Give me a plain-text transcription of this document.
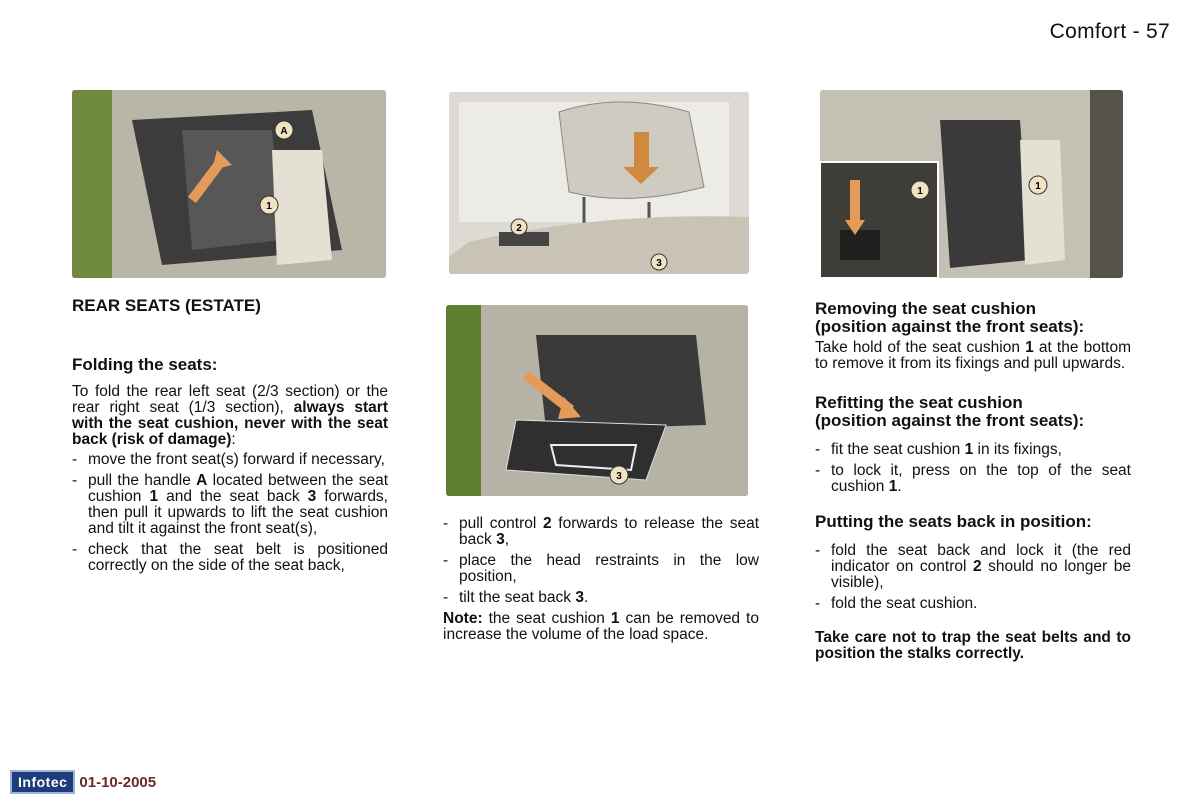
Comfort - 57
A
1
2
3
1	1
3
REAR SEATS (ESTATE)
Folding the seats:

To fold the rear left seat (2/3 section) or the rear right seat (1/3 section), always start with the seat cushion, never with the seat back (risk of damage):

- move the front seat(s) forward if necessary,
- pull the handle A located between the seat cushion 1 and the seat back 3 forwards, then pull it upwards to lift the seat cushion and tilt it against the front seat(s),
- check that the seat belt is positioned correctly on the side of the seat back,
- pull control 2 forwards to release the seat back 3,
- place the head restraints in the low position,
- tilt the seat back 3.

Note: the seat cushion 1 can be removed to increase the volume of the load space.

Removing the seat cushion (position against the front seats):

Take hold of the seat cushion 1 at the bottom to remove it from its fixings and pull upwards.

Refitting the seat cushion (position against the front seats):
- fit the seat cushion 1 in its fixings,
- to lock it, press on the top of the seat cushion 1.
Putting the seats back in position:
- fold the seat back and lock it (the red indicator on control 2 should no longer be visible),
- fold the seat cushion.

Take care not to trap the seat belts and to position the stalks correctly.

Infotec 01-10-2005
